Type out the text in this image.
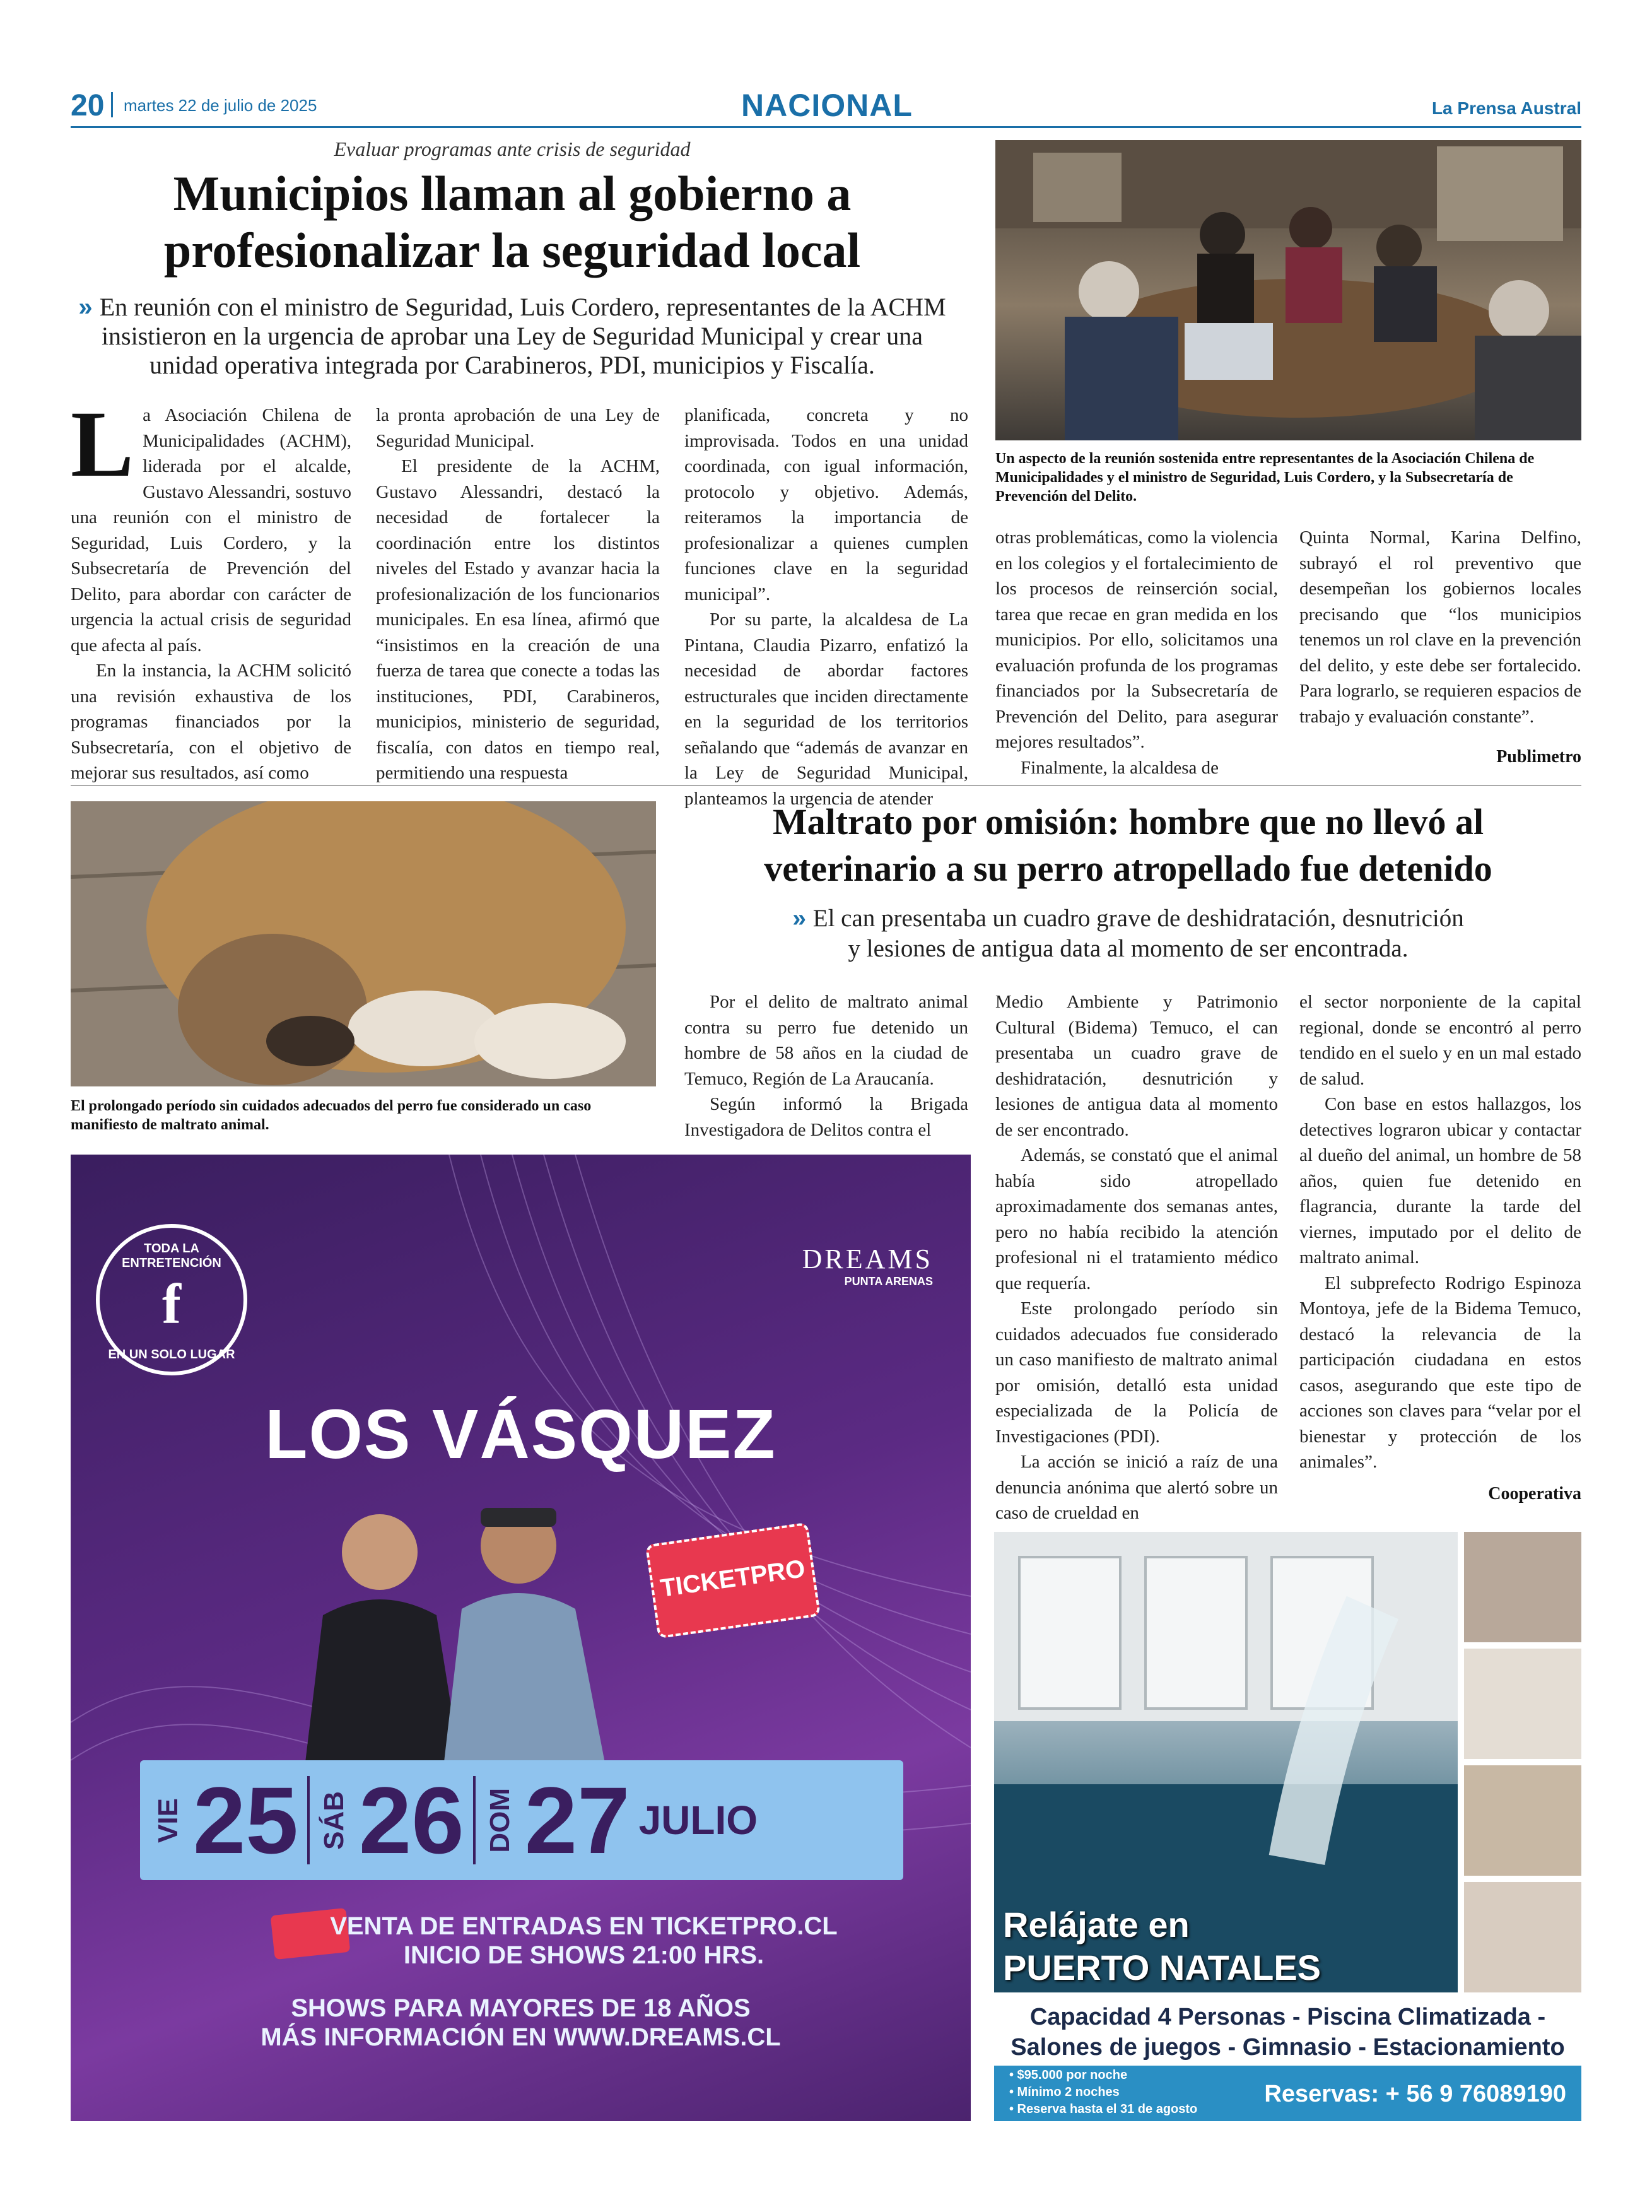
20 martes 22 de julio de 2025	NACIONAL	La Prensa Austral
Evaluar programas ante crisis de seguridad
Municipios llaman al gobierno a
profesionalizar la seguridad local
» En reunión con el ministro de Seguridad, Luis Cordero, representantes de la ACHM insistieron en la urgencia de aprobar una Ley de Seguridad Municipal y crear una unidad operativa integrada por Carabineros, PDI, municipios y Fiscalía.
Un aspecto de la reunión sostenida entre representantes de la Asociación Chilena de Municipalidades y el ministro de Seguridad, Luis Cordero, y la Subsecretaría de Prevención del Delito.

La Asociación Chilena de Municipalidades (ACHM), liderada por el alcalde, Gustavo Alessandri, sostuvo una reunión con el ministro de Seguridad, Luis Cordero, y la Subsecretaría de Prevención del Delito, para abordar con carácter de urgencia la actual crisis de seguridad que afecta al país.

En la instancia, la ACHM solicitó una revisión exhaustiva de los programas financiados por la Subsecretaría, con el objetivo de mejorar sus resultados, así como

la pronta aprobación de una Ley de Seguridad Municipal.

El presidente de la ACHM, Gustavo Alessandri, destacó la necesidad de fortalecer la coordinación entre los distintos niveles del Estado y avanzar hacia la profesionalización de los funcionarios municipales. En esa línea, afirmó que “insistimos en la creación de una fuerza de tarea que conecte a todas las instituciones, PDI, Carabineros, municipios, ministerio de seguridad, fiscalía, con datos en tiempo real, permitiendo una respuesta

planificada, concreta y no improvisada. Todos en una unidad coordinada, con igual información, protocolo y objetivo. Además, reiteramos la importancia de profesionalizar a quienes cumplen funciones clave en la seguridad municipal”.

Por su parte, la alcaldesa de La Pintana, Claudia Pizarro, enfatizó la necesidad de abordar factores estructurales que inciden directamente en la seguridad de los territorios señalando que “además de avanzar en la Ley de Seguridad Municipal, planteamos la urgencia de atender

otras problemáticas, como la violencia en los colegios y el fortalecimiento de los procesos de reinserción social, tarea que recae en gran medida en los municipios. Por ello, solicitamos una evaluación profunda de los programas financiados por la Subsecretaría de Prevención del Delito, para asegurar mejores resultados”.

Finalmente, la alcaldesa de

Quinta Normal, Karina Delfino, subrayó el rol preventivo que desempeñan los gobiernos locales precisando que “los municipios tenemos un rol clave en la prevención del delito, y este debe ser fortalecido. Para lograrlo, se requieren espacios de trabajo y evaluación constante”.

Publimetro
El prolongado período sin cuidados adecuados del perro fue considerado un caso manifiesto de maltrato animal.
Maltrato por omisión: hombre que no llevó al
veterinario a su perro atropellado fue detenido
» El can presentaba un cuadro grave de deshidratación, desnutrición
y lesiones de antigua data al momento de ser encontrada.

Por el delito de maltrato animal contra su perro fue detenido un hombre de 58 años en la ciudad de Temuco, Región de La Araucanía.

Según informó la Brigada Investigadora de Delitos contra el

Medio Ambiente y Patrimonio Cultural (Bidema) Temuco, el can presentaba un cuadro grave de deshidratación, desnutrición y lesiones de antigua data al momento de ser encontrado.

Además, se constató que el animal había sido atropellado aproximadamente dos semanas antes, pero no había recibido la atención profesional ni el tratamiento médico que requería.

Este prolongado período sin cuidados adecuados fue considerado un caso manifiesto de maltrato animal por omisión, detalló esta unidad especializada de la Policía de Investigaciones (PDI).

La acción se inició a raíz de una denuncia anónima que alertó sobre un caso de crueldad en

el sector norponiente de la capital regional, donde se encontró al perro tendido en el suelo y en un mal estado de salud.

Con base en estos hallazgos, los detectives lograron ubicar y contactar al dueño del animal, un hombre de 58 años, quien fue detenido en flagrancia, durante la tarde del viernes, imputado por el delito de maltrato animal.

El subprefecto Rodrigo Espinoza Montoya, jefe de la Bidema Temuco, destacó la relevancia de la participación ciudadana en estos casos, asegurando que este tipo de acciones son claves para “velar por el bienestar y protección de los animales”.

Cooperativa
TODA LA ENTRETENCIÓN
f
EN UN SOLO LUGAR
DREAMS
PUNTA ARENAS
LOS VÁSQUEZ
TICKETPRO
VIE 25 SÁB 26 DOM 27 JULIO
VENTA DE ENTRADAS EN TICKETPRO.CL
INICIO DE SHOWS 21:00 HRS.
SHOWS PARA MAYORES DE 18 AÑOS
MÁS INFORMACIÓN EN WWW.DREAMS.CL
Relájate en
PUERTO NATALES
Capacidad 4 Personas - Piscina Climatizada -
Salones de juegos - Gimnasio - Estacionamiento
• $95.000 por noche
• Mínimo 2 noches
• Reserva hasta el 31 de agosto
Reservas: + 56 9 76089190
